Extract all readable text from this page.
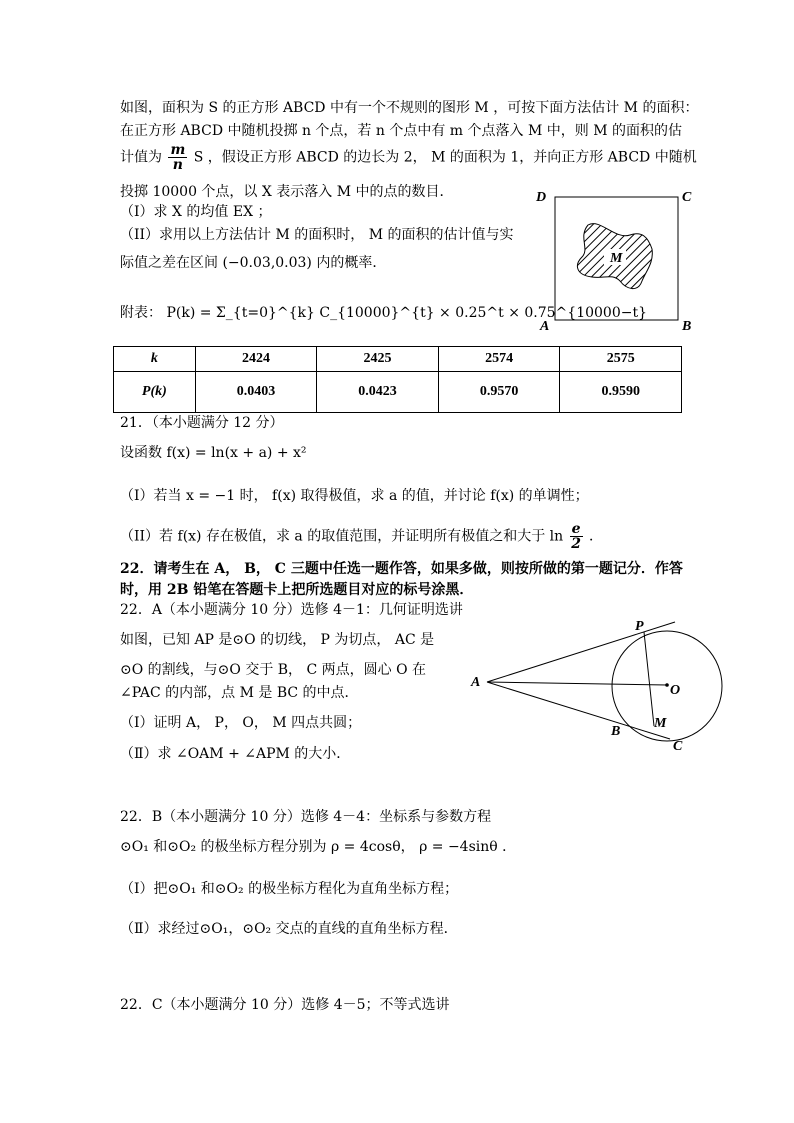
如图，面积为 S 的正方形 ABCD 中有一个不规则的图形 M ，可按下面方法估计 M 的面积：
在正方形 ABCD 中随机投掷 n 个点，若 n 个点中有 m 个点落入 M 中，则 M 的面积的估
计值为 $\frac{m}{n}$ S ，假设正方形 ABCD 的边长为 2， M 的面积为 1，并向正方形 ABCD 中随机
投掷 10000 个点，以 X 表示落入 M 中的点的数目．
（I）求 X 的均值 EX ；
（II）求用以上方法估计 M 的面积时， M 的面积的估计值与实
际值之差在区间 (−0.03,0.03) 内的概率．
附表： P(k) = Σ_{t=0}^{k} C_{10000}^{t} × 0.25^t × 0.75^{10000−t}
M
D	C
A	B
k	2424	2425	2574	2575
P(k)	0.0403	0.0423	0.9570	0.9590
21．（本小题满分 12 分）
设函数 f(x) = ln(x + a) + x²
（I）若当 x = −1 时， f(x) 取得极值，求 a 的值，并讨论 f(x) 的单调性；
（II）若 f(x) 存在极值，求 a 的取值范围，并证明所有极值之和大于 $\ln \frac{e}{2}$ ．
22．请考生在 A， B， C 三题中任选一题作答，如果多做，则按所做的第一题记分．作答
时，用 2B 铅笔在答题卡上把所选题目对应的标号涂黑．
22．A（本小题满分 10 分）选修 4－1：几何证明选讲
如图，已知 AP 是⊙O 的切线， P 为切点， AC 是
⊙O 的割线，与⊙O 交于 B， C 两点，圆心 O 在
∠PAC 的内部，点 M 是 BC 的中点．
（Ⅰ）证明 A， P， O， M 四点共圆；
（Ⅱ）求 ∠OAM + ∠APM 的大小．
P
A
O
M
B
C
22．B（本小题满分 10 分）选修 4－4：坐标系与参数方程
⊙O₁ 和⊙O₂ 的极坐标方程分别为 ρ = 4cosθ， ρ = −4sinθ ．
（Ⅰ）把⊙O₁ 和⊙O₂ 的极坐标方程化为直角坐标方程；
（Ⅱ）求经过⊙O₁，⊙O₂ 交点的直线的直角坐标方程．
22．C（本小题满分 10 分）选修 4－5；不等式选讲
